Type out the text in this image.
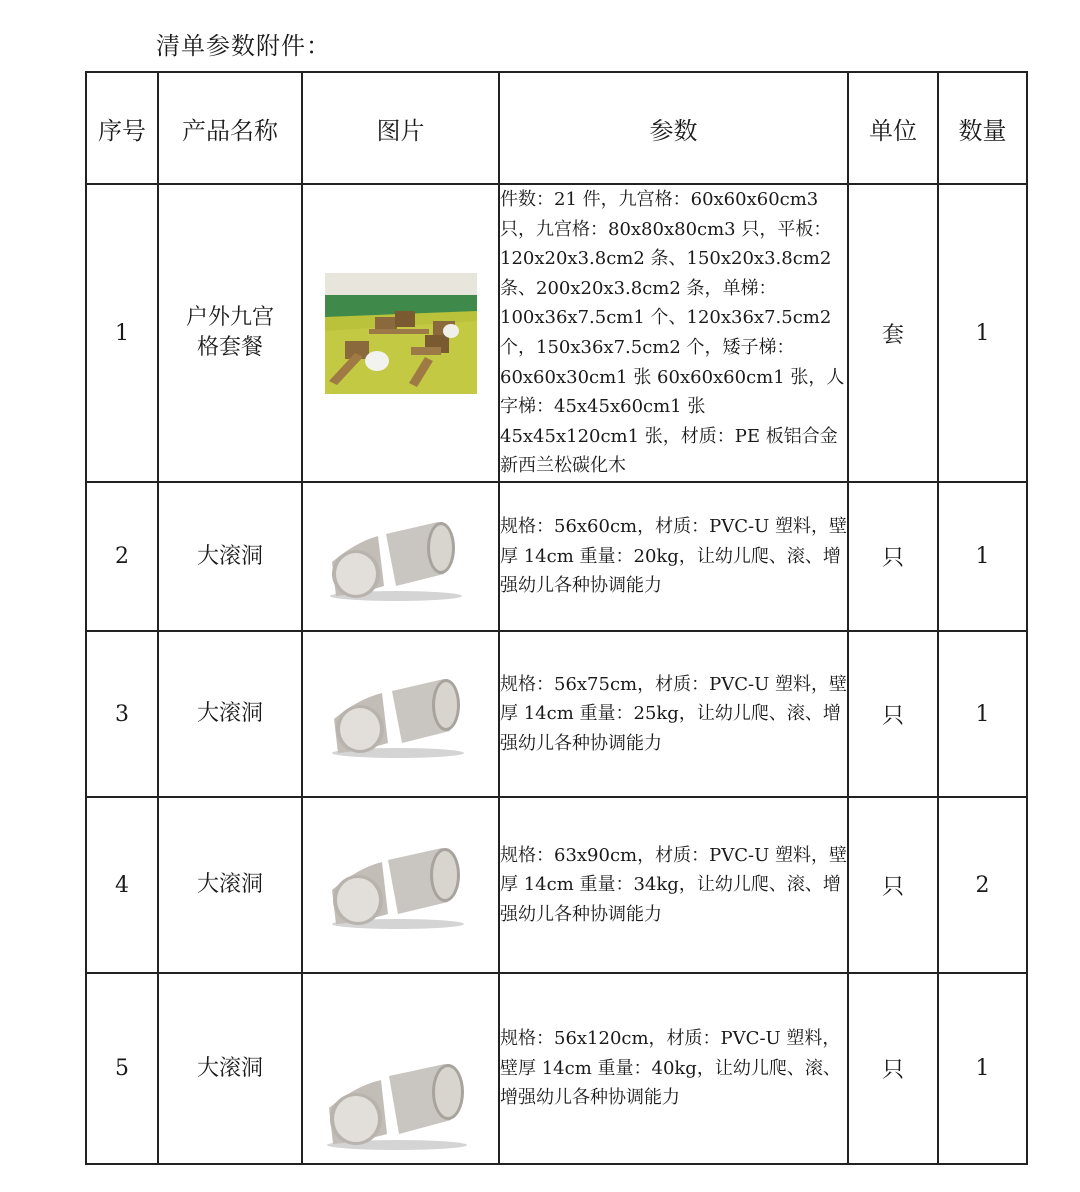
清单参数附件：
序号	产品名称	图片	参数	单位	数量
1	户外九宫格套餐		件数：21 件，九宫格：60x60x60cm3 只，九宫格：80x80x80cm3 只，平板：120x20x3.8cm2 条、150x20x3.8cm2 条、200x20x3.8cm2 条，单梯：100x36x7.5cm1 个、120x36x7.5cm2 个，150x36x7.5cm2 个，矮子梯：60x60x30cm1 张 60x60x60cm1 张，人字梯：45x45x60cm1 张 45x45x120cm1 张，材质：PE 板铝合金新西兰松碳化木	套	1
2	大滚洞		规格：56x60cm，材质：PVC-U 塑料，壁厚 14cm 重量：20kg，让幼儿爬、滚、增强幼儿各种协调能力	只	1
3	大滚洞		规格：56x75cm，材质：PVC-U 塑料，壁厚 14cm 重量：25kg，让幼儿爬、滚、增强幼儿各种协调能力	只	1
4	大滚洞		规格：63x90cm，材质：PVC-U 塑料，壁厚 14cm 重量：34kg，让幼儿爬、滚、增强幼儿各种协调能力	只	2
5	大滚洞		规格：56x120cm，材质：PVC-U 塑料，壁厚 14cm 重量：40kg，让幼儿爬、滚、增强幼儿各种协调能力	只	1
